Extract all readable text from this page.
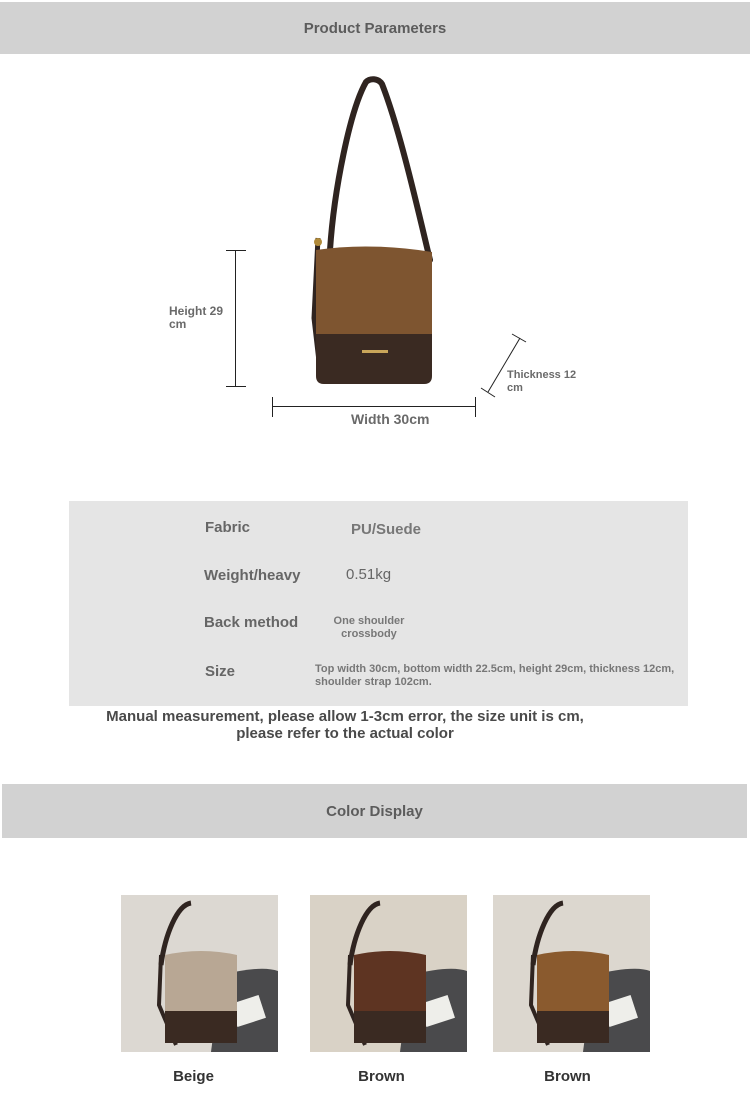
Product Parameters
Height 29 cm
Width 30cm
Thickness 12 cm
Fabric	PU/Suede
Weight/heavy	0.51kg
Back method	One shoulder crossbody
Size	Top width 30cm, bottom width 22.5cm, height 29cm, thickness 12cm, shoulder strap 102cm.
Manual measurement, please allow 1-3cm error, the size unit is cm, please refer to the actual color
Color Display
Beige	Brown	Brown
